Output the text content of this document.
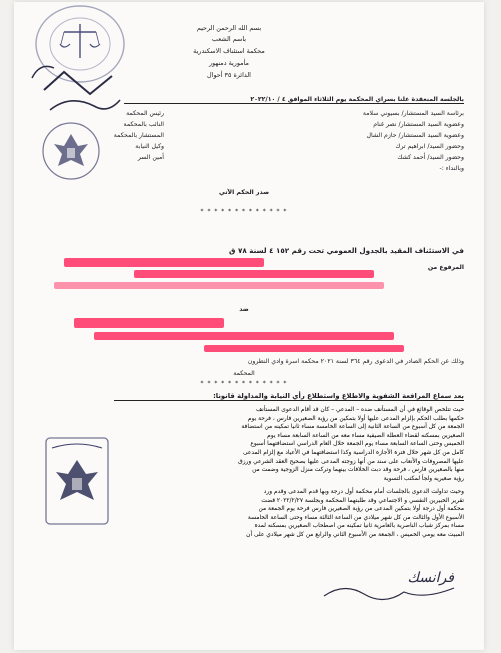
بسم الله الرحمن الرحيم
باسم الشعب
محكمة استئناف الاسكندرية
مأمورية دمنهور
الدائرة ٣٥ أحوال
بالجلسة المنعقدة علنا بسراي المحكمة يوم الثلاثاء الموافق ٤ / ٢٠٢٢/١٠
برئاسة السيد المستشار/ بسيوني سلامة
رئيس المحكمة
وعضوية السيد المستشار/ نصر غنام
النائب بالمحكمة
وعضوية السيد المستشار/ حازم الشال
المستشار بالمحكمة
وحضور السيد/ ابراهيم ترك
وكيل النيابة
وحضور السيد/ أحمد كشك
أمين السر
وبالنداء :-
صدر الحكم الآتي
* * * * * * * * * * * * *
في الاستئناف المقيد بالجدول العمومي تحت رقم ١٥٢ ٤ لسنة ٧٨ ق
المرفوع من
ضد
وذلك عن الحكم الصادر في الدعوى رقم ٣٦٤ لسنة ٢٠٢١ محكمة اسرة وادي النطرون
المحكمة
* * * * * * * * * * * * *
بعد سماع المرافعة الشفوية والاطلاع واستطلاع رأي النيابة والمداولة قانونا:
حيث تتلخص الوقائع في أن المستأنف ضده – المدعي – كان قد أقام الدعوى المستأنف
حكمها بطلب الحكم بإلزام المدعى عليها أولا بتمكين من رؤية الصغيرين فارس ، فرحة يوم
الجمعة من كل أسبوع من الساعة الثانية إلى الساعة الخامسة مساء ثانيا تمكينه من استضافة
الصغيرين بمسكنه لقضاء العطلة الصيفية مساء معه من الساعة السابعة مساء يوم
الخميس وحتى الساعة السابعة مساء يوم الجمعة خلال العام الدراسي استضافتهما أسبوع
كامل من كل شهر خلال فترة الأجازة الدراسية وكذا استضافتهما في الأعياد مع إلزام المدعى
عليها المصروفات والأتعاب على سند من أنها زوجته المدعى عليها بصحيح العقد الشرعي ورزق
منها بالصغيرين فارس ، فرحة وقد دبت الخلافات بينهما وتركت منزل الزوجية وضمت من
رؤية صغيريه ولجأ لمكتب التسوية
وحيث تداولت الدعوى بالجلسات أمام محكمة أول درجة وبها قدم المدعى وقدم ورد
تقرير الخبيرين النفسي و الاجتماعي وقد طلبتهما المحكمة وبجلسة ٢٠٢٢/٢/٢٧ قضت
محكمة أول درجة أولا بتمكين المدعى من رؤية الصغيرين فارس فرحة يوم الجمعة من
الأسبوع الأول والثالث من كل شهر ميلادي من الساعة الثالثة مساء وحتى الساعة الخامسة
مساء بمركز شباب الناصرية بالعامرية ثانيا تمكينه من اصطحاب الصغيرين بمسكنه لمدة
المبيت معه يومي الخميس ، الجمعة من الأسبوع الثاني والرابع من كل شهر ميلادي على أن
فرانسك
